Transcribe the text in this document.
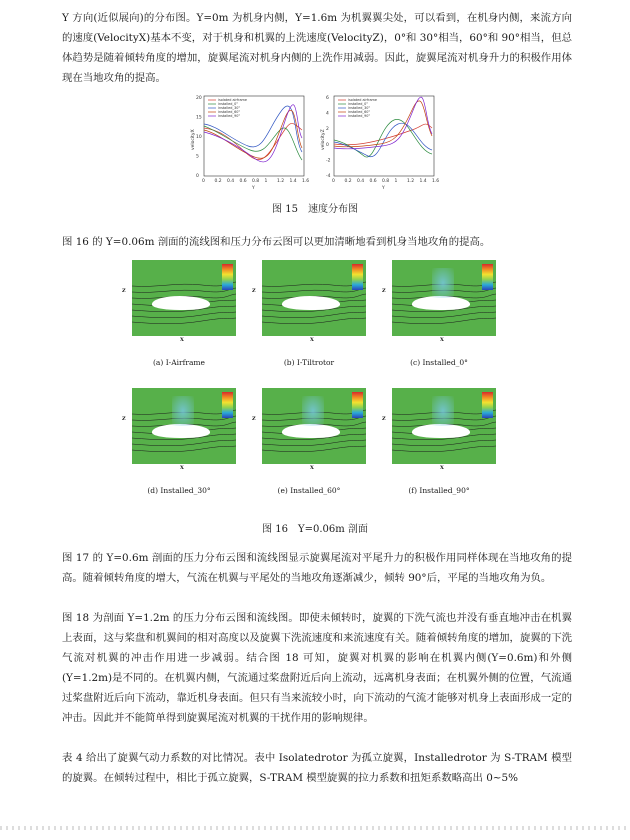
Y 方向(近似展向)的分布图。Y=0m 为机身内侧，Y=1.6m 为机翼翼尖处，可以看到，在机身内侧，来流方向的速度(VelocityX)基本不变，对于机身和机翼的上洗速度(VelocityZ)，0°和 30°相当，60°和 90°相当，但总体趋势是随着倾转角度的增加，旋翼尾流对机身内侧的上洗作用减弱。因此，旋翼尾流对机身升力的积极作用体现在当地攻角的提高。

0 0.2 0.4 0.6 0.8 1 1.2 1.4 1.6
20
15
10
5
0
isolated airframe
installed_0°
installed_30°
installed_60°
installed_90°
velocityX
Y
0 0.2 0.4 0.6 0.8 1 1.2 1.4 1.6
6
4
2
0
-2
-4
isolated airframe
installed_0°
installed_30°
installed_60°
installed_90°
velocityZ
Y

图 15　速度分布图

图 16 的 Y=0.06m 剖面的流线图和压力分布云图可以更加清晰地看到机身当地攻角的提高。

Z
X

(a) I-Airframe

Z
X

(b) I-Tiltrotor

Z
X

(c) Installed_0°

Z
X

(d) Installed_30°

Z
X

(e) Installed_60°

Z
X

(f) Installed_90°

图 16　Y=0.06m 剖面

图 17 的 Y=0.6m 剖面的压力分布云图和流线图显示旋翼尾流对平尾升力的积极作用同样体现在当地攻角的提高。随着倾转角度的增大，气流在机翼与平尾处的当地攻角逐渐减少，倾转 90°后，平尾的当地攻角为负。

图 18 为剖面 Y=1.2m 的压力分布云图和流线图。即使未倾转时，旋翼的下洗气流也并没有垂直地冲击在机翼上表面，这与桨盘和机翼间的相对高度以及旋翼下洗流速度和来流速度有关。随着倾转角度的增加，旋翼的下洗气流对机翼的冲击作用进一步减弱。结合图 18 可知，旋翼对机翼的影响在机翼内侧(Y=0.6m)和外侧(Y=1.2m)是不同的。在机翼内侧，气流通过桨盘附近后向上流动，远离机身表面；在机翼外侧的位置，气流通过桨盘附近后向下流动，靠近机身表面。但只有当来流较小时，向下流动的气流才能够对机身上表面形成一定的冲击。因此并不能简单得到旋翼尾流对机翼的干扰作用的影响规律。

表 4 给出了旋翼气动力系数的对比情况。表中 Isolatedrotor 为孤立旋翼，Installedrotor 为 S-TRAM 模型的旋翼。在倾转过程中，相比于孤立旋翼，S-TRAM 模型旋翼的拉力系数和扭矩系数略高出 0~5%
